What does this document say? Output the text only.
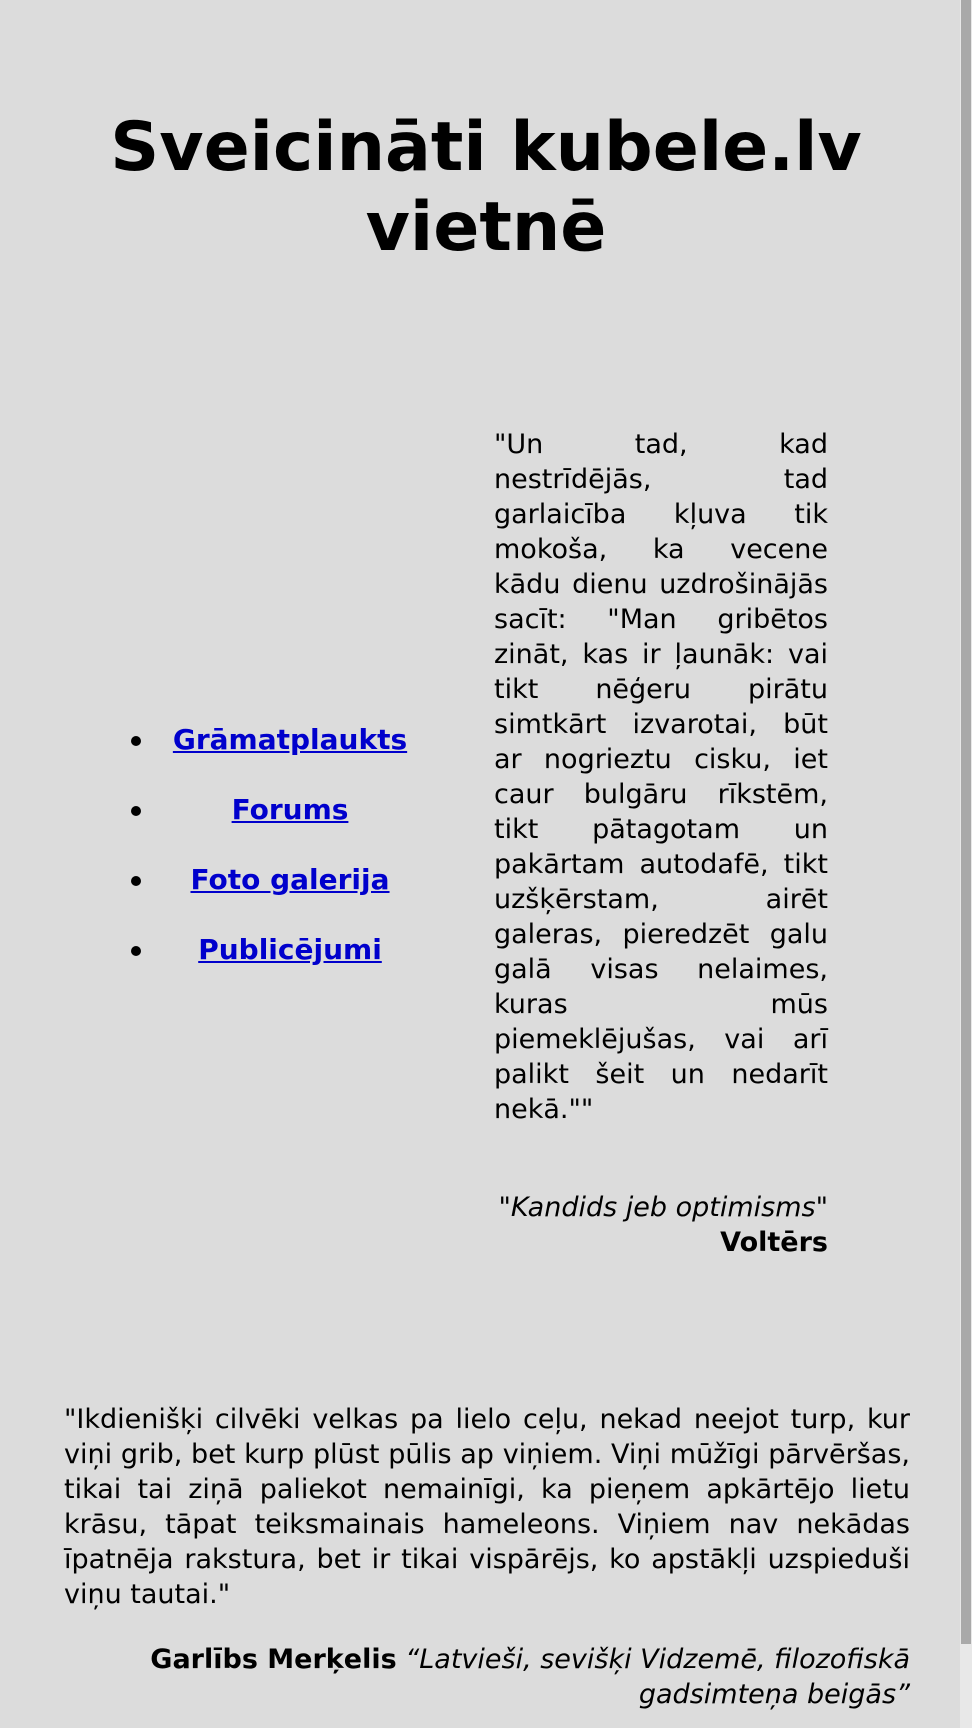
Sveicināti kubele.lv vietnē
Grāmatplaukts
Forums
Foto galerija
Publicējumi

"Un tad, kad nestrīdējās, tad garlaicība kļuva tik mokoša, ka vecene kādu dienu uzdrošinājās sacīt: "Man gribētos zināt, kas ir ļaunāk: vai tikt nēģeru pirātu simtkārt izvarotai, būt ar nogrieztu cisku, iet caur bulgāru rīkstēm, tikt pātagotam un pakārtam autodafē, tikt uzšķērstam, airēt galeras, pieredzēt galu galā visas nelaimes, kuras mūs piemeklējušas, vai arī palikt šeit un nedarīt nekā.""

"Kandids jeb optimisms" Voltērs

"Ikdienišķi cilvēki velkas pa lielo ceļu, nekad neejot turp, kur viņi grib, bet kurp plūst pūlis ap viņiem. Viņi mūžīgi pārvēršas, tikai tai ziņā paliekot nemainīgi, ka pieņem apkārtējo lietu krāsu, tāpat teiksmainais hameleons. Viņiem nav nekādas īpatnēja rakstura, bet ir tikai vispārējs, ko apstākļi uzspieduši viņu tautai."

Garlībs Merķelis “Latvieši, sevišķi Vidzemē, filozofiskā gadsimteņa beigās”
